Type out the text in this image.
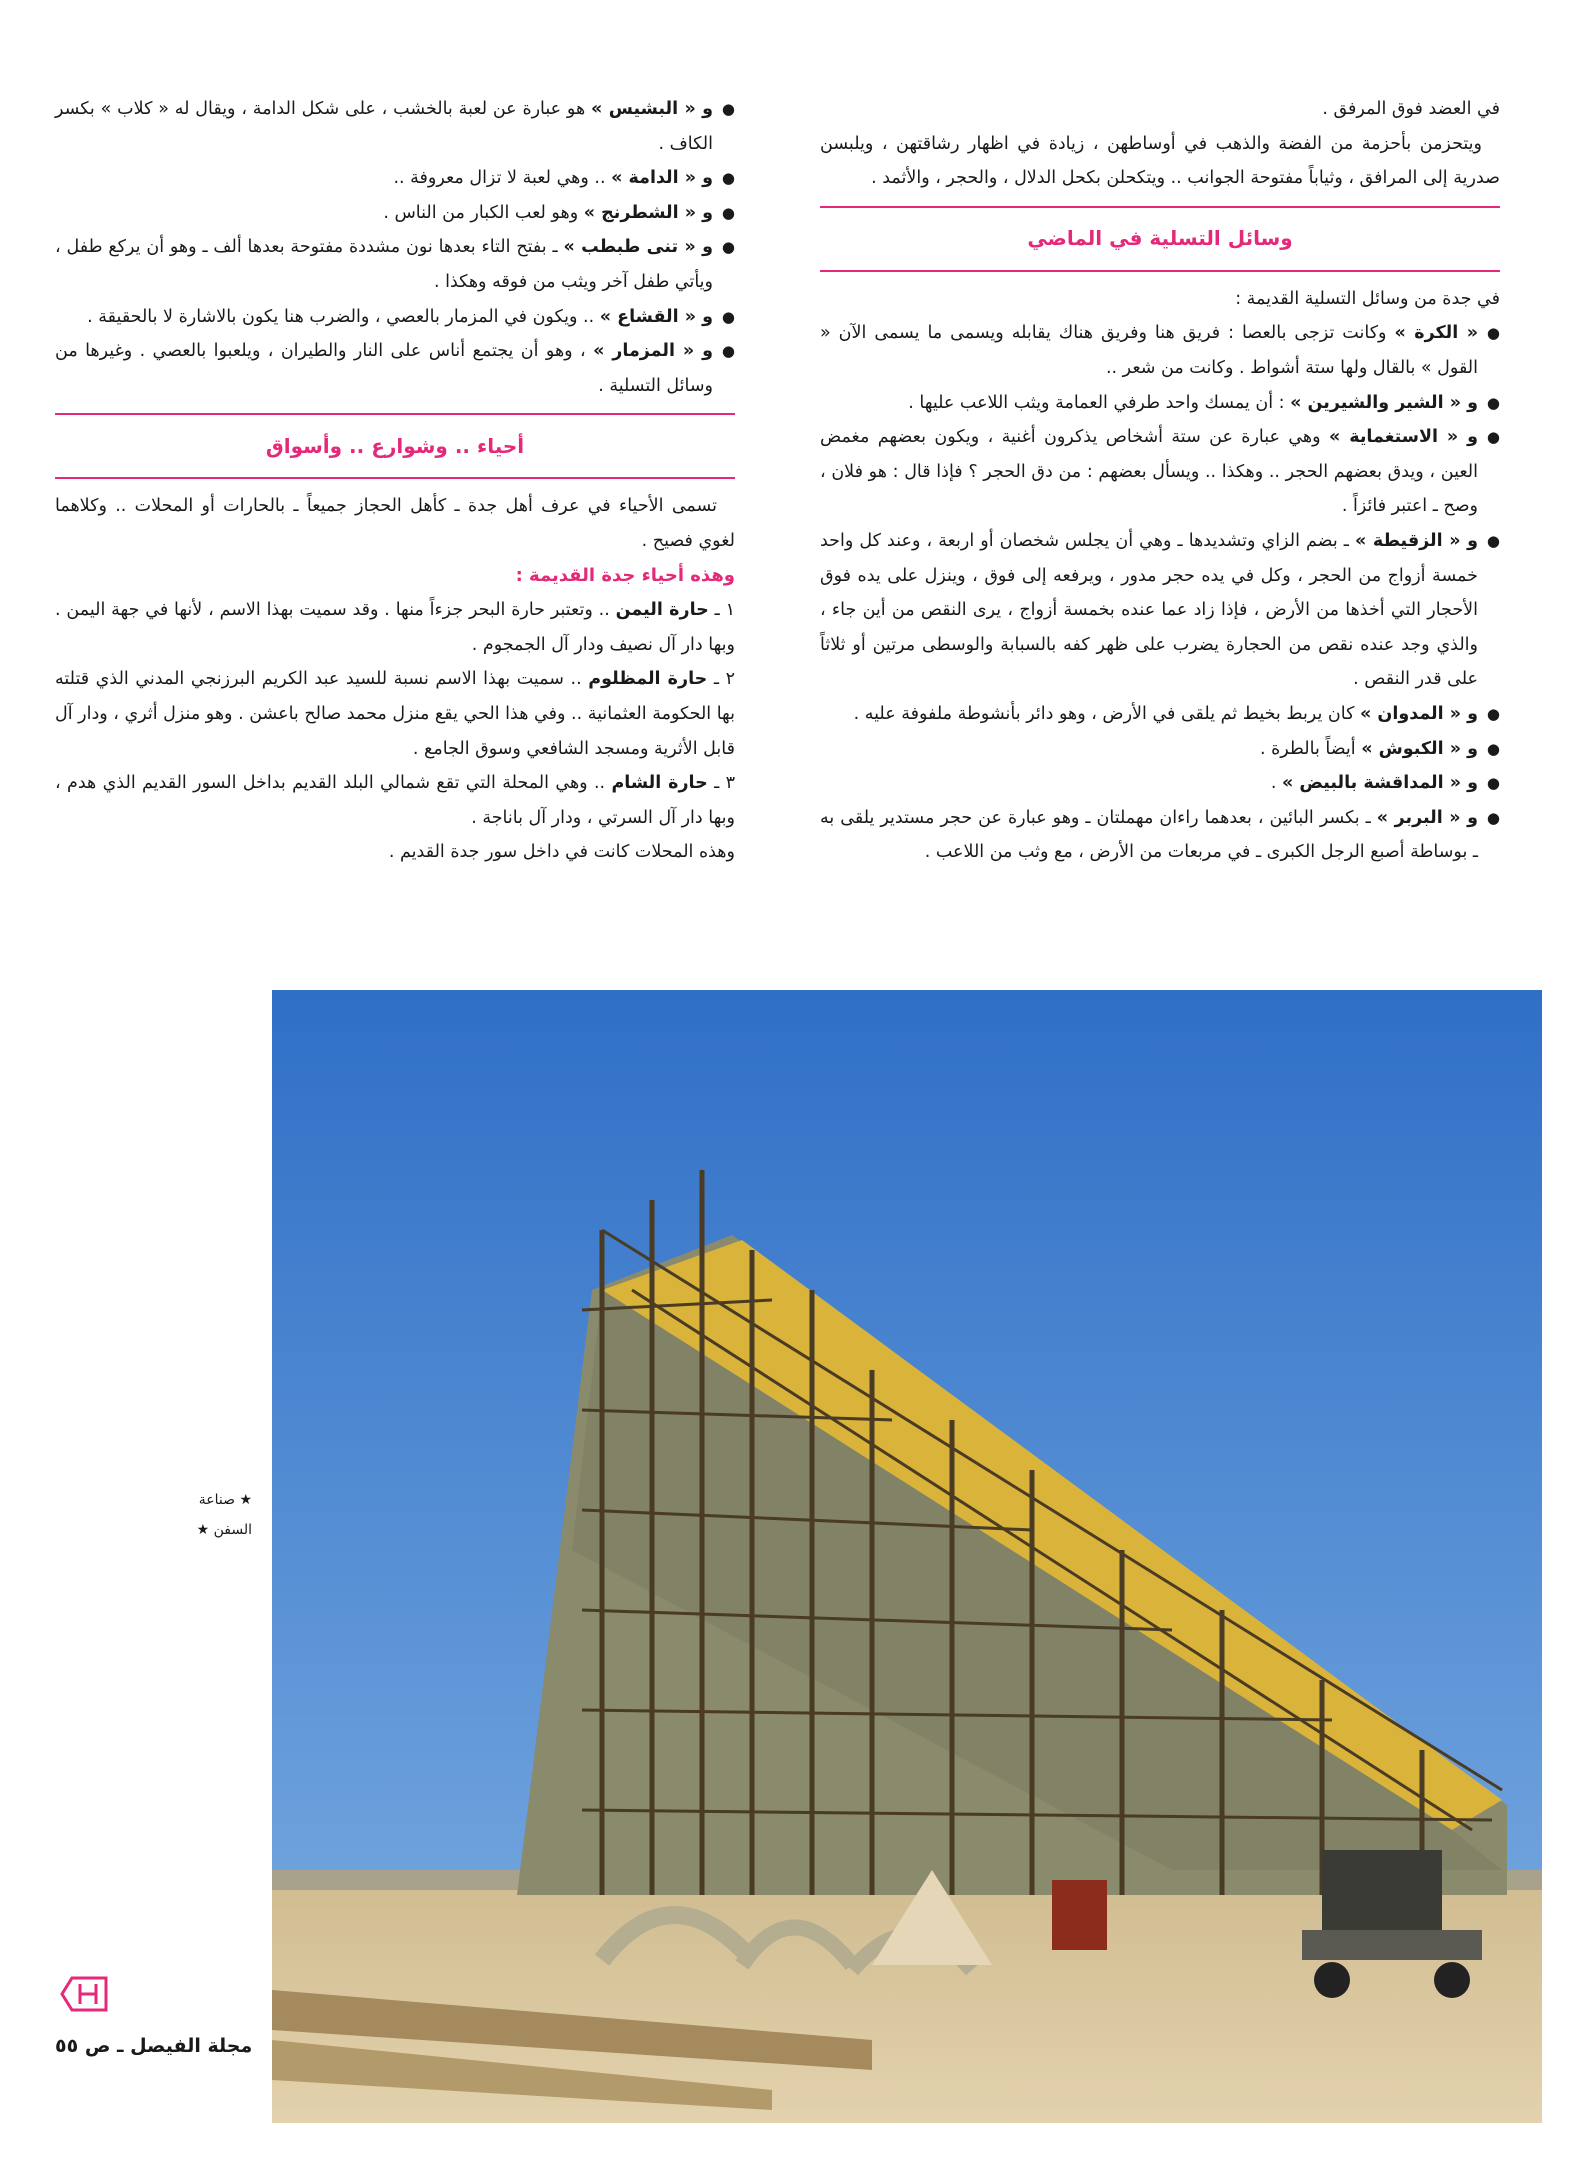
في العضد فوق المرفق .

ويتحزمن بأحزمة من الفضة والذهب في أوساطهن ، زيادة في اظهار رشاقتهن ، ويلبسن صدرية إلى المرافق ، وثياباً مفتوحة الجوانب .. ويتكحلن بكحل الدلال ، والحجر ، والأثمد .

وسائل التسلية في الماضي

في جدة من وسائل التسلية القديمة :

● « الكرة » وكانت تزجى بالعصا : فريق هنا وفريق هناك يقابله ويسمى ما يسمى الآن « القول » بالقال ولها ستة أشواط . وكانت من شعر ..

● و « الشير والشيرين » : أن يمسك واحد طرفي العمامة ويثب اللاعب عليها .

● و « الاستغماية » وهي عبارة عن ستة أشخاص يذكرون أغنية ، ويكون بعضهم مغمض العين ، ويدق بعضهم الحجر .. وهكذا .. ويسأل بعضهم : من دق الحجر ؟ فإذا قال : هو فلان ، وصح ـ اعتبر فائزاً .

● و « الزقيطة » ـ بضم الزاي وتشديدها ـ وهي أن يجلس شخصان أو اربعة ، وعند كل واحد خمسة أزواج من الحجر ، وكل في يده حجر مدور ، ويرفعه إلى فوق ، وينزل على يده فوق الأحجار التي أخذها من الأرض ، فإذا زاد عما عنده بخمسة أزواج ، يرى النقص من أين جاء ، والذي وجد عنده نقص من الحجارة يضرب على ظهر كفه بالسبابة والوسطى مرتين أو ثلاثاً على قدر النقص .

● و « المدوان » كان يربط بخيط ثم يلقى في الأرض ، وهو دائر بأنشوطة ملفوفة عليه .

● و « الكبوش » أيضاً بالطرة .

● و « المداقشة بالبيض » .

● و « البربر » ـ بكسر البائين ، بعدهما راءان مهملتان ـ وهو عبارة عن حجر مستدير يلقى به ـ بوساطة أصبع الرجل الكبرى ـ في مربعات من الأرض ، مع وثب من اللاعب .

● و « البشيس » هو عبارة عن لعبة بالخشب ، على شكل الدامة ، ويقال له « كلاب » بكسر الكاف .

● و « الدامة » .. وهي لعبة لا تزال معروفة ..

● و « الشطرنج » وهو لعب الكبار من الناس .

● و « تنى طبطب » ـ بفتح التاء بعدها نون مشددة مفتوحة بعدها ألف ـ وهو أن يركع طفل ، ويأتي طفل آخر ويثب من فوقه وهكذا .

● و « القشاع » .. ويكون في المزمار بالعصي ، والضرب هنا يكون بالاشارة لا بالحقيقة .

● و « المزمار » ، وهو أن يجتمع أناس على النار والطيران ، ويلعبوا بالعصي . وغيرها من وسائل التسلية .

أحياء .. وشوارع .. وأسواق

تسمى الأحياء في عرف أهل جدة ـ كأهل الحجاز جميعاً ـ بالحارات أو المحلات .. وكلاهما لغوي فصيح .

وهذه أحياء جدة القديمة :

١ ـ حارة اليمن .. وتعتبر حارة البحر جزءاً منها . وقد سميت بهذا الاسم ، لأنها في جهة اليمن . وبها دار آل نصيف ودار آل الجمجوم .

٢ ـ حارة المظلوم .. سميت بهذا الاسم نسبة للسيد عبد الكريم البرزنجي المدني الذي قتلته بها الحكومة العثمانية .. وفي هذا الحي يقع منزل محمد صالح باعشن . وهو منزل أثري ، ودار آل قابل الأثرية ومسجد الشافعي وسوق الجامع .

٣ ـ حارة الشام .. وهي المحلة التي تقع شمالي البلد القديم بداخل السور القديم الذي هدم ، وبها دار آل السرتي ، ودار آل باناجة .

وهذه المحلات كانت في داخل سور جدة القديم .

★ صناعة
السفن ★
مجلة الفيصل ـ ص ٥٥
